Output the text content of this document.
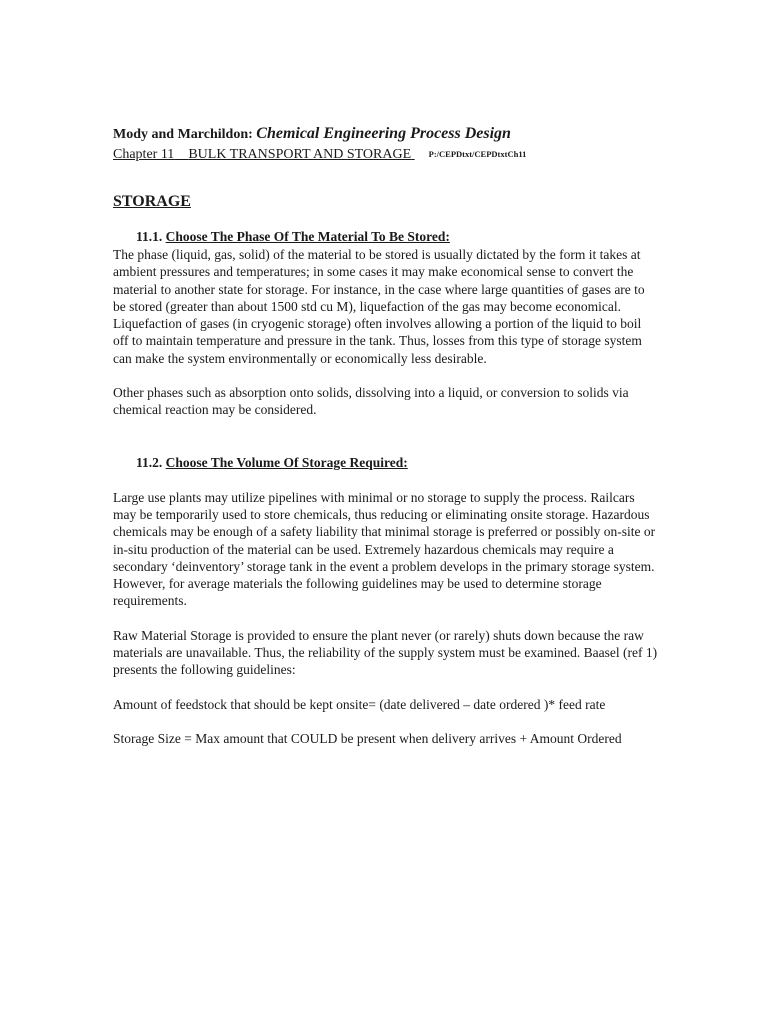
Mody and Marchildon: Chemical Engineering Process Design
Chapter 11 BULK TRANSPORT AND STORAGE P:/CEPDtxt/CEPDtxtCh11
STORAGE
11.1. Choose The Phase Of The Material To Be Stored:

The phase (liquid, gas, solid) of the material to be stored is usually dictated by the form it takes at ambient pressures and temperatures; in some cases it may make economical sense to convert the material to another state for storage. For instance, in the case where large quantities of gases are to be stored (greater than about 1500 std cu M), liquefaction of the gas may become economical. Liquefaction of gases (in cryogenic storage) often involves allowing a portion of the liquid to boil off to maintain temperature and pressure in the tank. Thus, losses from this type of storage system can make the system environmentally or economically less desirable.

Other phases such as absorption onto solids, dissolving into a liquid, or conversion to solids via chemical reaction may be considered.

11.2. Choose The Volume Of Storage Required:

Large use plants may utilize pipelines with minimal or no storage to supply the process. Railcars may be temporarily used to store chemicals, thus reducing or eliminating onsite storage. Hazardous chemicals may be enough of a safety liability that minimal storage is preferred or possibly on-site or in-situ production of the material can be used. Extremely hazardous chemicals may require a secondary ‘deinventory’ storage tank in the event a problem develops in the primary storage system. However, for average materials the following guidelines may be used to determine storage requirements.

Raw Material Storage is provided to ensure the plant never (or rarely) shuts down because the raw materials are unavailable. Thus, the reliability of the supply system must be examined. Baasel (ref 1) presents the following guidelines:

Amount of feedstock that should be kept onsite= (date delivered – date ordered )* feed rate

Storage Size = Max amount that COULD be present when delivery arrives + Amount Ordered
